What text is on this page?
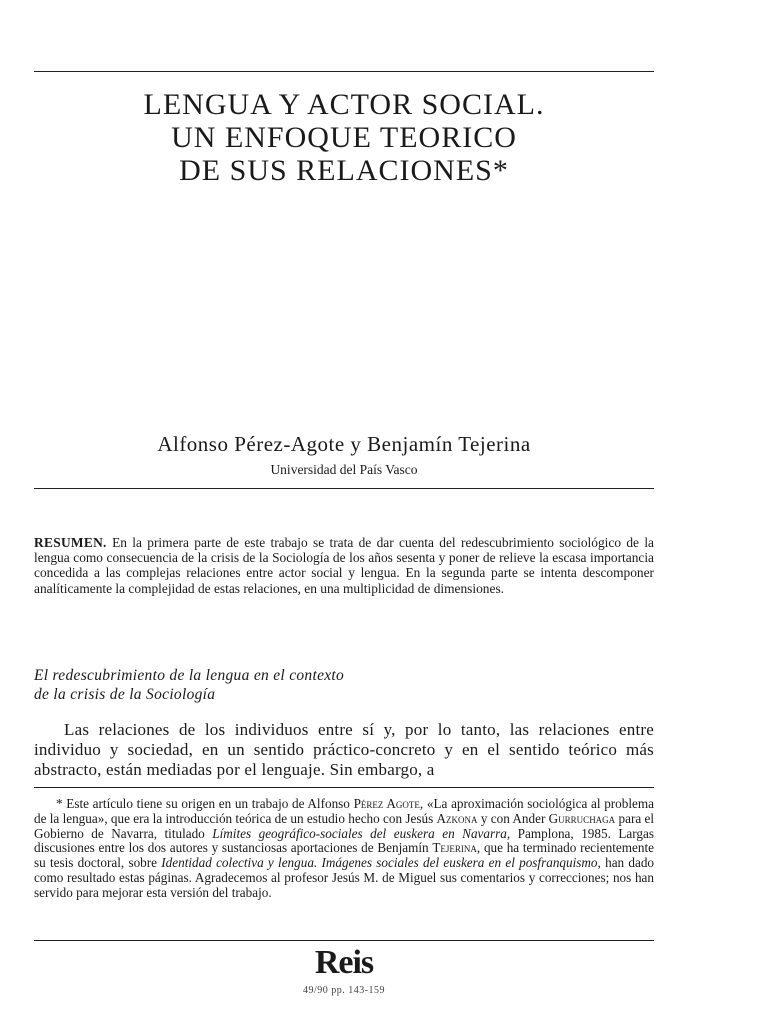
LENGUA Y ACTOR SOCIAL.
UN ENFOQUE TEORICO
DE SUS RELACIONES*
Alfonso Pérez-Agote y Benjamín Tejerina
Universidad del País Vasco
RESUMEN. En la primera parte de este trabajo se trata de dar cuenta del redescubrimiento sociológico de la lengua como consecuencia de la crisis de la Sociología de los años sesenta y poner de relieve la escasa importancia concedida a las complejas relaciones entre actor social y lengua. En la segunda parte se intenta descomponer analíticamente la complejidad de estas relaciones, en una multiplicidad de dimensiones.
El redescubrimiento de la lengua en el contexto
de la crisis de la Sociología
Las relaciones de los individuos entre sí y, por lo tanto, las relaciones entre individuo y sociedad, en un sentido práctico-concreto y en el sentido teórico más abstracto, están mediadas por el lenguaje. Sin embargo, a
* Este artículo tiene su origen en un trabajo de Alfonso Pérez Agote, «La aproximación sociológica al problema de la lengua», que era la introducción teórica de un estudio hecho con Jesús Azkona y con Ander Gurruchaga para el Gobierno de Navarra, titulado Límites geográfico-sociales del euskera en Navarra, Pamplona, 1985. Largas discusiones entre los dos autores y sustanciosas aportaciones de Benjamín Tejerina, que ha terminado recientemente su tesis doctoral, sobre Identidad colectiva y lengua. Imágenes sociales del euskera en el posfranquismo, han dado como resultado estas páginas. Agradecemos al profesor Jesús M. de Miguel sus comentarios y correcciones; nos han servido para mejorar esta versión del trabajo.
Reis
49/90 pp. 143-159
